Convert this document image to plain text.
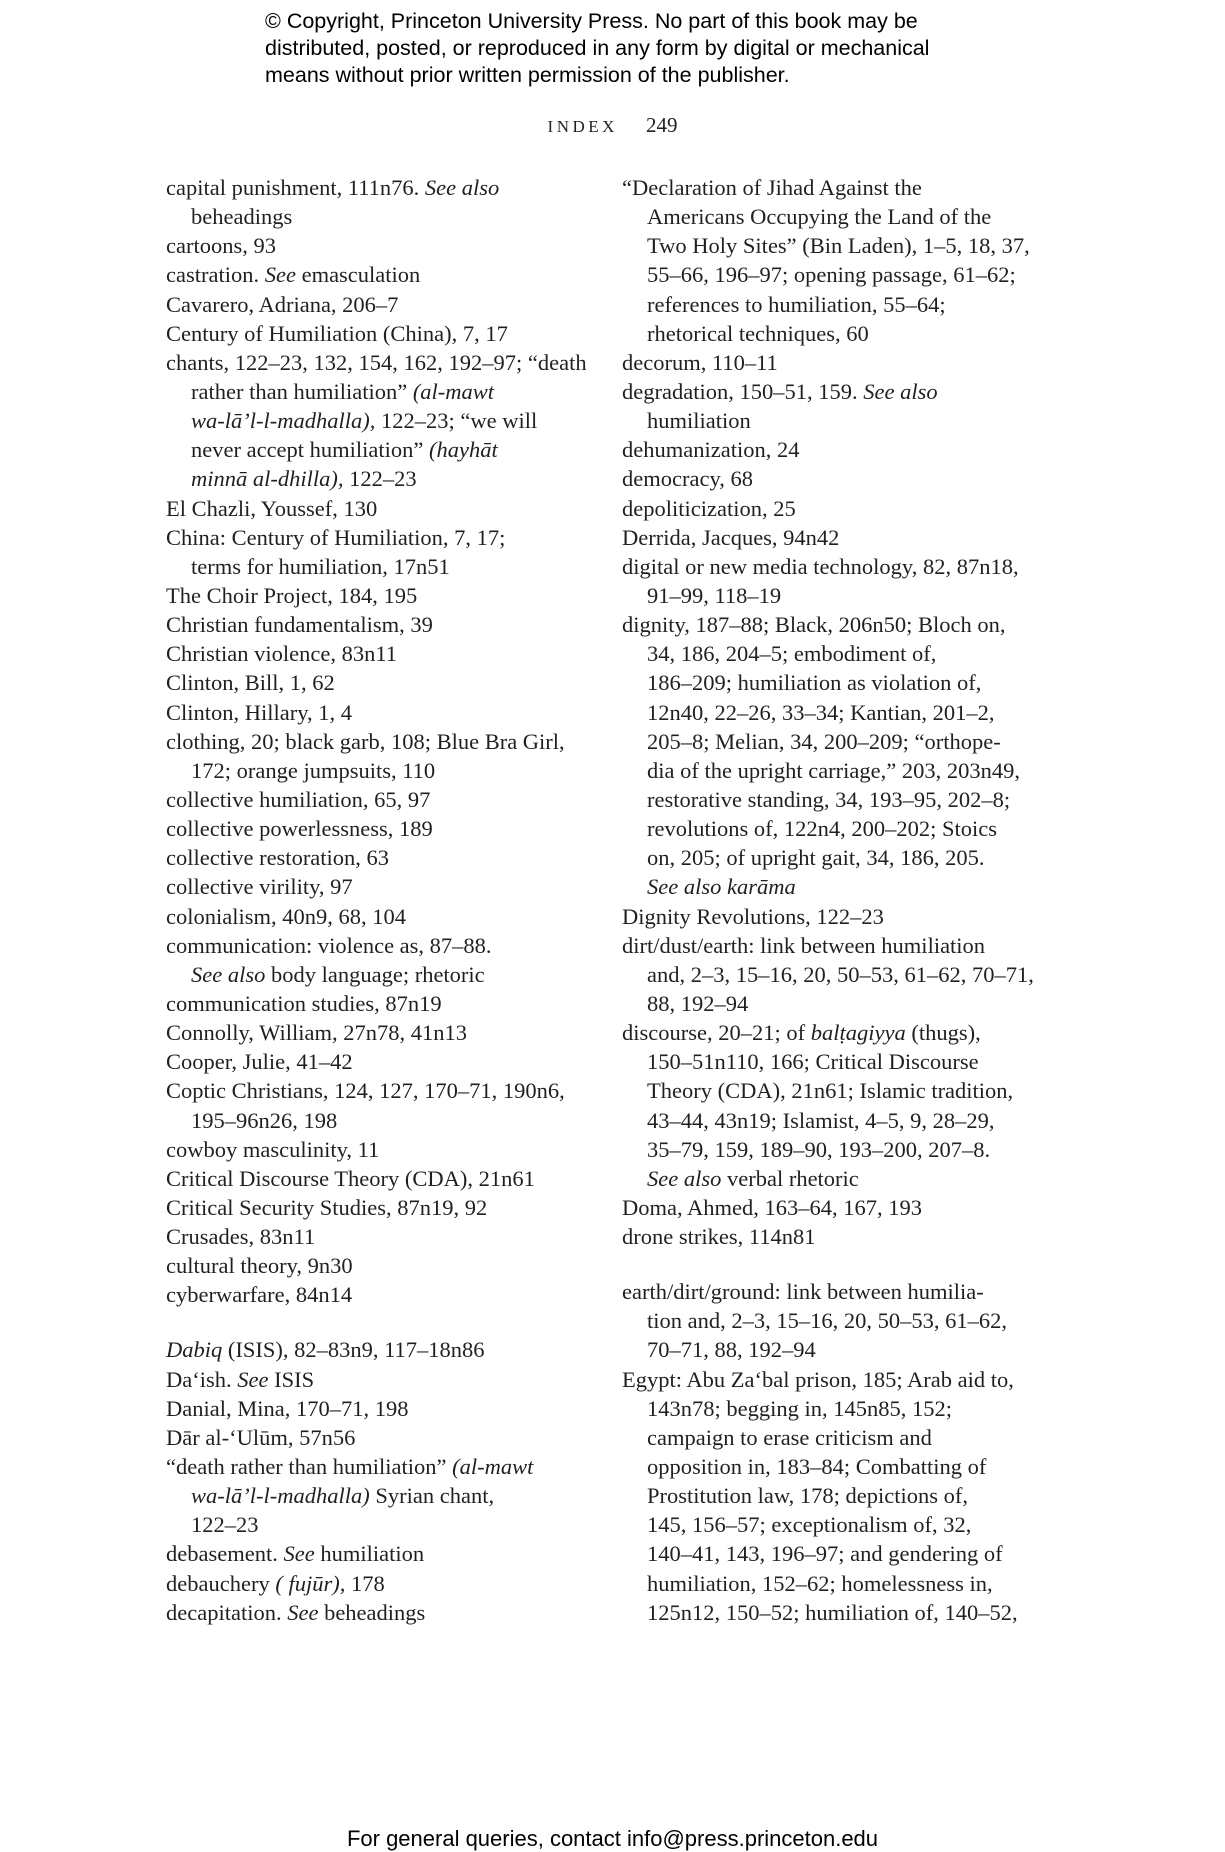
© Copyright, Princeton University Press. No part of this book may be
distributed, posted, or reproduced in any form by digital or mechanical
means without prior written permission of the publisher.
INDEX 249
capital punishment, 111n76. See also
beheadings
cartoons, 93
castration. See emasculation
Cavarero, Adriana, 206–7
Century of Humiliation (China), 7, 17
chants, 122–23, 132, 154, 162, 192–97; “death
rather than humiliation” (al-mawt
wa-lā’l-l-madhalla), 122–23; “we will
never accept humiliation” (hayhāt
minnā al-dhilla), 122–23
El Chazli, Youssef, 130
China: Century of Humiliation, 7, 17;
terms for humiliation, 17n51
The Choir Project, 184, 195
Christian fundamentalism, 39
Christian violence, 83n11
Clinton, Bill, 1, 62
Clinton, Hillary, 1, 4
clothing, 20; black garb, 108; Blue Bra Girl,
172; orange jumpsuits, 110
collective humiliation, 65, 97
collective powerlessness, 189
collective restoration, 63
collective virility, 97
colonialism, 40n9, 68, 104
communication: violence as, 87–88.
See also body language; rhetoric
communication studies, 87n19
Connolly, William, 27n78, 41n13
Cooper, Julie, 41–42
Coptic Christians, 124, 127, 170–71, 190n6,
195–96n26, 198
cowboy masculinity, 11
Critical Discourse Theory (CDA), 21n61
Critical Security Studies, 87n19, 92
Crusades, 83n11
cultural theory, 9n30
cyberwarfare, 84n14
Dabiq (ISIS), 82–83n9, 117–18n86
Da‘ish. See ISIS
Danial, Mina, 170–71, 198
Dār al-‘Ulūm, 57n56
“death rather than humiliation” (al-mawt
wa-lā’l-l-madhalla) Syrian chant,
122–23
debasement. See humiliation
debauchery ( fujūr), 178
decapitation. See beheadings
“Declaration of Jihad Against the
Americans Occupying the Land of the
Two Holy Sites” (Bin Laden), 1–5, 18, 37,
55–66, 196–97; opening passage, 61–62;
references to humiliation, 55–64;
rhetorical techniques, 60
decorum, 110–11
degradation, 150–51, 159. See also
humiliation
dehumanization, 24
democracy, 68
depoliticization, 25
Derrida, Jacques, 94n42
digital or new media technology, 82, 87n18,
91–99, 118–19
dignity, 187–88; Black, 206n50; Bloch on,
34, 186, 204–5; embodiment of,
186–209; humiliation as violation of,
12n40, 22–26, 33–34; Kantian, 201–2,
205–8; Melian, 34, 200–209; “orthope-
dia of the upright carriage,” 203, 203n49,
restorative standing, 34, 193–95, 202–8;
revolutions of, 122n4, 200–202; Stoics
on, 205; of upright gait, 34, 186, 205.
See also karāma
Dignity Revolutions, 122–23
dirt/dust/earth: link between humiliation
and, 2–3, 15–16, 20, 50–53, 61–62, 70–71,
88, 192–94
discourse, 20–21; of balṭagiyya (thugs),
150–51n110, 166; Critical Discourse
Theory (CDA), 21n61; Islamic tradition,
43–44, 43n19; Islamist, 4–5, 9, 28–29,
35–79, 159, 189–90, 193–200, 207–8.
See also verbal rhetoric
Doma, Ahmed, 163–64, 167, 193
drone strikes, 114n81
earth/dirt/ground: link between humilia-
tion and, 2–3, 15–16, 20, 50–53, 61–62,
70–71, 88, 192–94
Egypt: Abu Za‘bal prison, 185; Arab aid to,
143n78; begging in, 145n85, 152;
campaign to erase criticism and
opposition in, 183–84; Combatting of
Prostitution law, 178; depictions of,
145, 156–57; exceptionalism of, 32,
140–41, 143, 196–97; and gendering of
humiliation, 152–62; homelessness in,
125n12, 150–52; humiliation of, 140–52,
For general queries, contact info@press.princeton.edu
